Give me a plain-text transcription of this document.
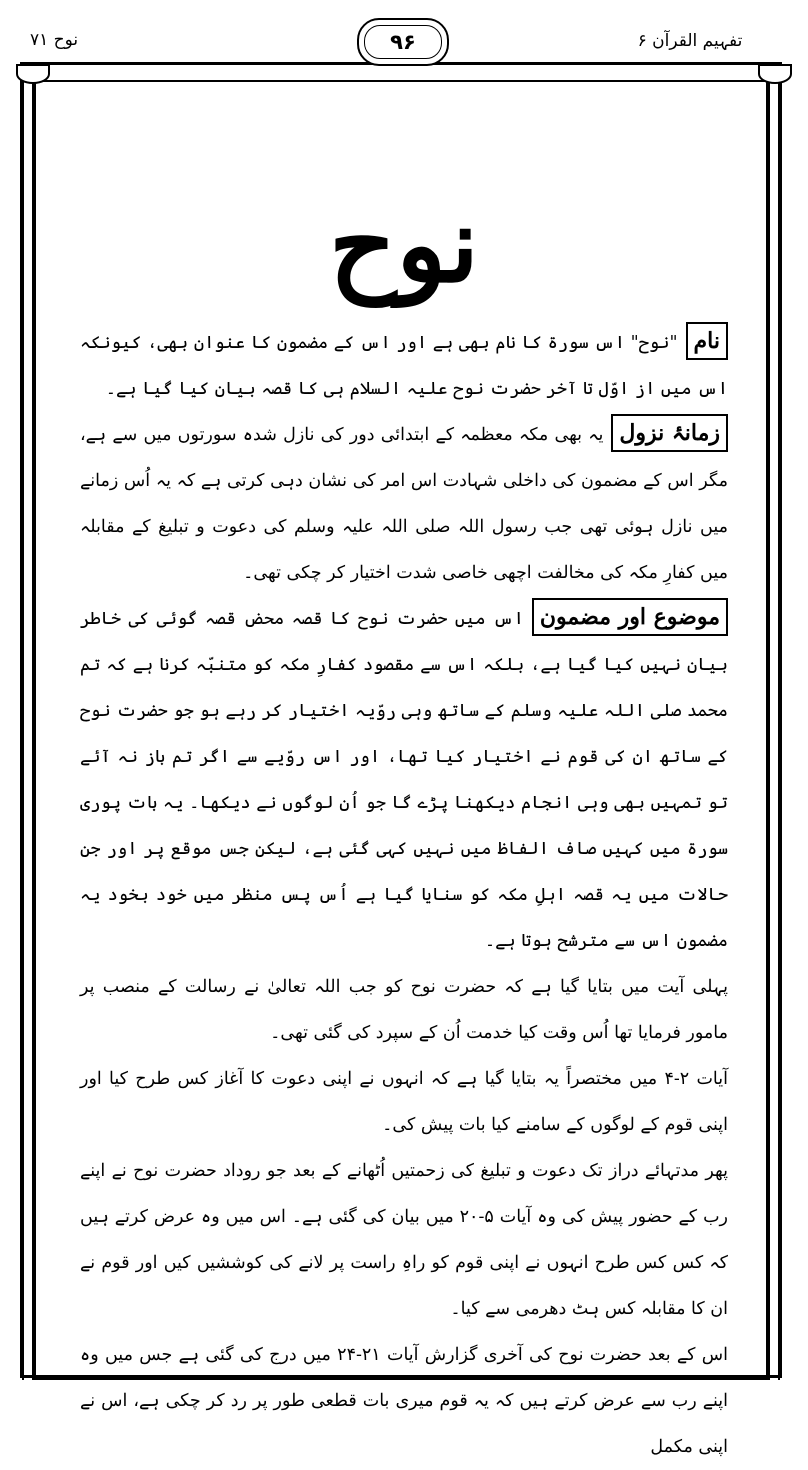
نوح ۷۱	۹۶	تفہیم القرآن ۶
نوح

نام"نوح" اس سورۃ کا نام بھی ہے اور اس کے مضمون کا عنوان بھی، کیونکہ اس میں از اوّل تا آخر حضرت نوح علیہ السلام ہی کا قصہ بیان کیا گیا ہے۔

زمانۂ نزولیہ بھی مکہ معظمہ کے ابتدائی دور کی نازل شدہ سورتوں میں سے ہے، مگر اس کے مضمون کی داخلی شہادت اس امر کی نشان دہی کرتی ہے کہ یہ اُس زمانے میں نازل ہوئی تھی جب رسول اللہ صلی اللہ علیہ وسلم کی دعوت و تبلیغ کے مقابلہ میں کفارِ مکہ کی مخالفت اچھی خاصی شدت اختیار کر چکی تھی۔

موضوع اور مضموناس میں حضرت نوح کا قصہ محض قصہ گوئی کی خاطر بیان نہیں کیا گیا ہے، بلکہ اس سے مقصود کفارِ مکہ کو متنبّہ کرنا ہے کہ تم محمد صلی اللہ علیہ وسلم کے ساتھ وہی روّیہ اختیار کر رہے ہو جو حضرت نوح کے ساتھ ان کی قوم نے اختیار کیا تھا، اور اس روّیے سے اگر تم باز نہ آئے تو تمہیں بھی وہی انجام دیکھنا پڑے گا جو اُن لوگوں نے دیکھا۔ یہ بات پوری سورۃ میں کہیں صاف الفاظ میں نہیں کہی گئی ہے، لیکن جس موقع پر اور جن حالات میں یہ قصہ اہلِ مکہ کو سنایا گیا ہے اُس پس منظر میں خود بخود یہ مضمون اس سے مترشح ہوتا ہے۔

پہلی آیت میں بتایا گیا ہے کہ حضرت نوح کو جب اللہ تعالیٰ نے رسالت کے منصب پر مامور فرمایا تھا اُس وقت کیا خدمت اُن کے سپرد کی گئی تھی۔

آیات ۲-۴ میں مختصراً یہ بتایا گیا ہے کہ انہوں نے اپنی دعوت کا آغاز کس طرح کیا اور اپنی قوم کے لوگوں کے سامنے کیا بات پیش کی۔

پھر مدتہائے دراز تک دعوت و تبلیغ کی زحمتیں اُٹھانے کے بعد جو روداد حضرت نوح نے اپنے رب کے حضور پیش کی وہ آیات ۵-۲۰ میں بیان کی گئی ہے۔ اس میں وہ عرض کرتے ہیں کہ کس کس طرح انہوں نے اپنی قوم کو راہِ راست پر لانے کی کوششیں کیں اور قوم نے ان کا مقابلہ کس ہٹ دھرمی سے کیا۔

اس کے بعد حضرت نوح کی آخری گزارش آیات ۲۱-۲۴ میں درج کی گئی ہے جس میں وہ اپنے رب سے عرض کرتے ہیں کہ یہ قوم میری بات قطعی طور پر رد کر چکی ہے، اس نے اپنی مکمل
